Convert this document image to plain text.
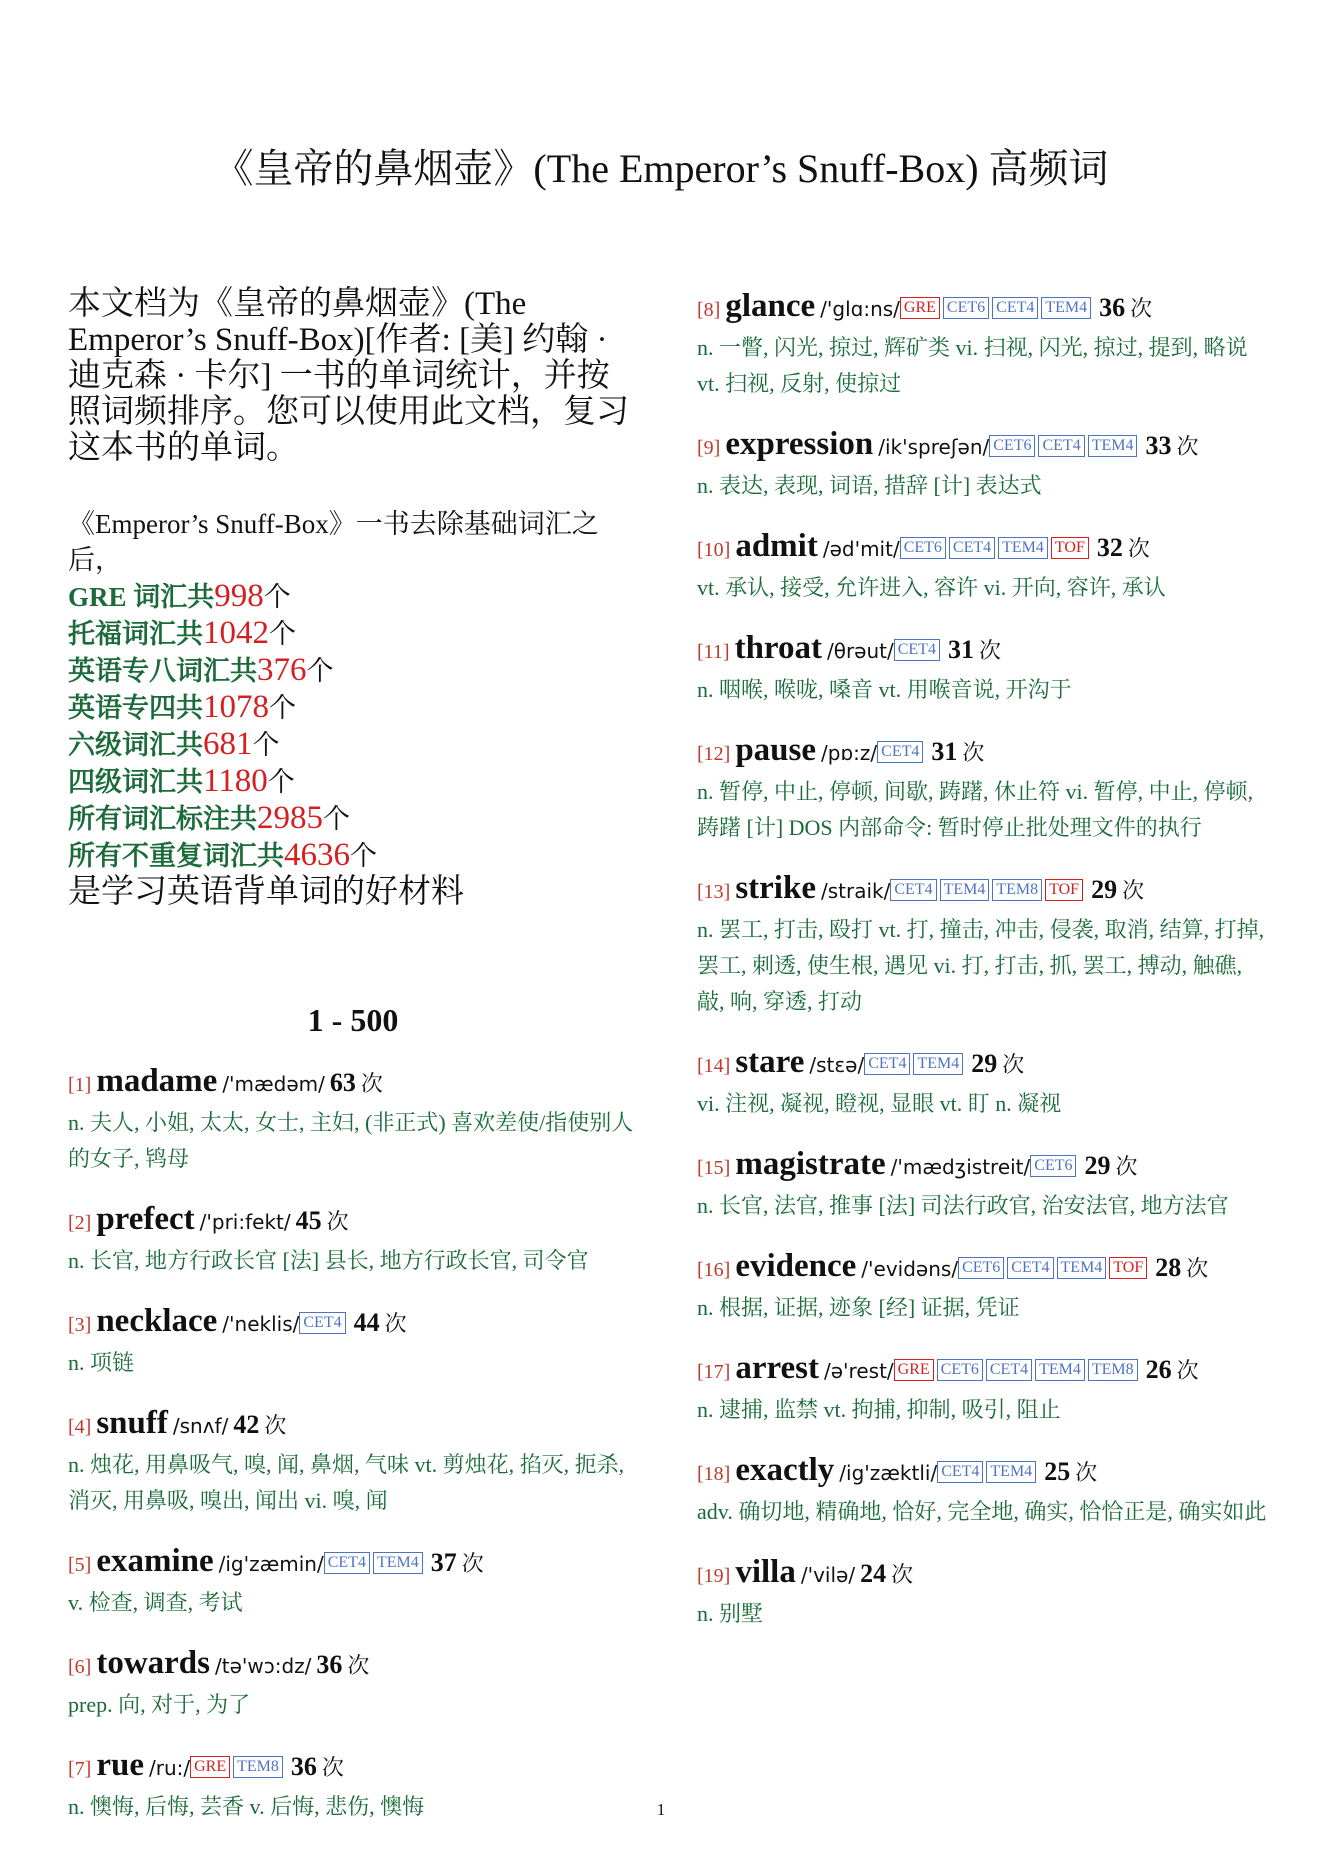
《皇帝的鼻烟壶》(The Emperor’s Snuff-Box) 高频词
本文档为《皇帝的鼻烟壶》(The Emperor’s Snuff-Box)[作者: [美] 约翰 · 迪克森 · 卡尔] 一书的单词统计，并按照词频排序。您可以使用此文档，复习这本书的单词。
《Emperor’s Snuff-Box》一书去除基础词汇之后，
GRE 词汇共998个
托福词汇共1042个
英语专八词汇共376个
英语专四共1078个
六级词汇共681个
四级词汇共1180个
所有词汇标注共2985个
所有不重复词汇共4636个
是学习英语背单词的好材料
1 - 500
[1] madame /'mædəm/ 63 次
n. 夫人, 小姐, 太太, 女士, 主妇, (非正式) 喜欢差使/指使别人的女子, 鸨母
[2] prefect /'pri:fekt/ 45 次
n. 长官, 地方行政长官 [法] 县长, 地方行政长官, 司令官
[3] necklace /'neklis/ CET4 44 次
n. 项链
[4] snuff /snʌf/ 42 次
n. 烛花, 用鼻吸气, 嗅, 闻, 鼻烟, 气味 vt. 剪烛花, 掐灭, 扼杀, 消灭, 用鼻吸, 嗅出, 闻出 vi. 嗅, 闻
[5] examine /ig'zæmin/ CET4 TEM4 37 次
v. 检查, 调查, 考试
[6] towards /tə'wɔ:dz/ 36 次
prep. 向, 对于, 为了
[7] rue /ru:/ GRE TEM8 36 次
n. 懊悔, 后悔, 芸香 v. 后悔, 悲伤, 懊悔
[8] glance /'glɑ:ns/ GRE CET6 CET4 TEM4 36 次
n. 一瞥, 闪光, 掠过, 辉矿类 vi. 扫视, 闪光, 掠过, 提到, 略说 vt. 扫视, 反射, 使掠过
[9] expression /ik'spreʃən/ CET6 CET4 TEM4 33 次
n. 表达, 表现, 词语, 措辞 [计] 表达式
[10] admit /əd'mit/ CET6 CET4 TEM4 TOF 32 次
vt. 承认, 接受, 允许进入, 容许 vi. 开向, 容许, 承认
[11] throat /θrəut/ CET4 31 次
n. 咽喉, 喉咙, 嗓音 vt. 用喉音说, 开沟于
[12] pause /pɒ:z/ CET4 31 次
n. 暂停, 中止, 停顿, 间歇, 踌躇, 休止符 vi. 暂停, 中止, 停顿, 踌躇 [计] DOS 内部命令: 暂时停止批处理文件的执行
[13] strike /straik/ CET4 TEM4 TEM8 TOF 29 次
n. 罢工, 打击, 殴打 vt. 打, 撞击, 冲击, 侵袭, 取消, 结算, 打掉, 罢工, 刺透, 使生根, 遇见 vi. 打, 打击, 抓, 罢工, 搏动, 触礁, 敲, 响, 穿透, 打动
[14] stare /stɛə/ CET4 TEM4 29 次
vi. 注视, 凝视, 瞪视, 显眼 vt. 盯 n. 凝视
[15] magistrate /'mædʒistreit/ CET6 29 次
n. 长官, 法官, 推事 [法] 司法行政官, 治安法官, 地方法官
[16] evidence /'evidəns/ CET6 CET4 TEM4 TOF 28 次
n. 根据, 证据, 迹象 [经] 证据, 凭证
[17] arrest /ə'rest/ GRE CET6 CET4 TEM4 TEM8 26 次
n. 逮捕, 监禁 vt. 拘捕, 抑制, 吸引, 阻止
[18] exactly /ig'zæktli/ CET4 TEM4 25 次
adv. 确切地, 精确地, 恰好, 完全地, 确实, 恰恰正是, 确实如此
[19] villa /'vilə/ 24 次
n. 别墅
1
